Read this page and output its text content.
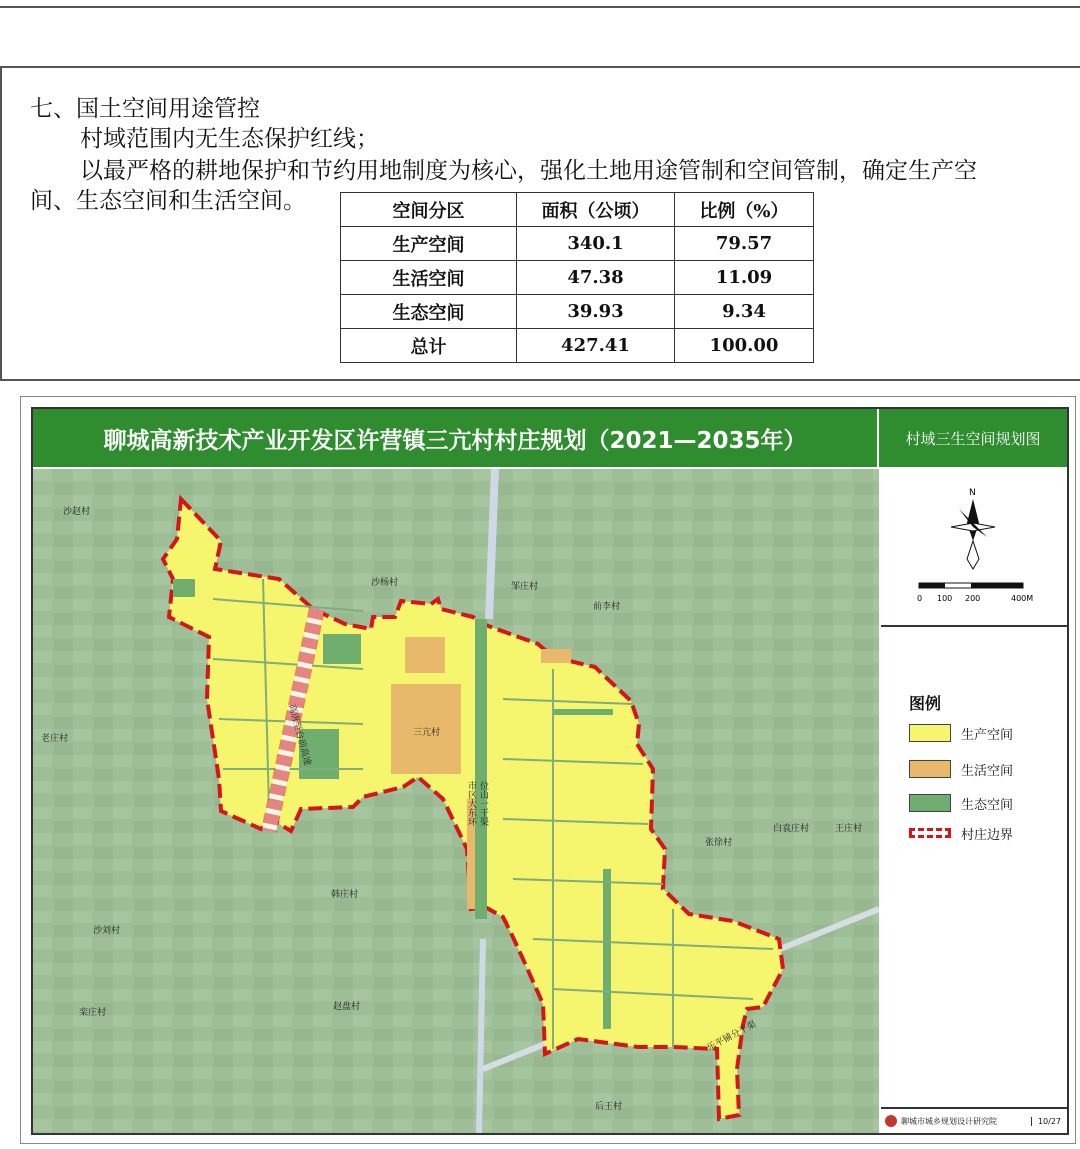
七、国土空间用途管控
村域范围内无生态保护红线；
以最严格的耕地保护和节约用地制度为核心，强化土地用途管制和空间管制，确定生产空
间、生态空间和生活空间。	空间分区	面积（公顷）	比例（%）
生产空间	340.1	79.57
生活空间	47.38	11.09
生态空间	39.93	9.34
总计	427.41	100.00
聊城高新技术产业开发区许营镇三亢村村庄规划（2021—2035年）	村域三生空间规划图
沙赵村
沙杨村	邹庄村
前李村
老庄村
三亢村
张徐村
白袁庄村	王庄村
韩庄村
沙刘村
栾庄村
赵盘村
后王村
位山一干渠
市区大东环
高唐至台前高速
乐平铺分干渠
N
0 100 200	400M
图例
生产空间
生活空间
生态空间
村庄边界
聊城市城乡规划设计研究院	10/27
